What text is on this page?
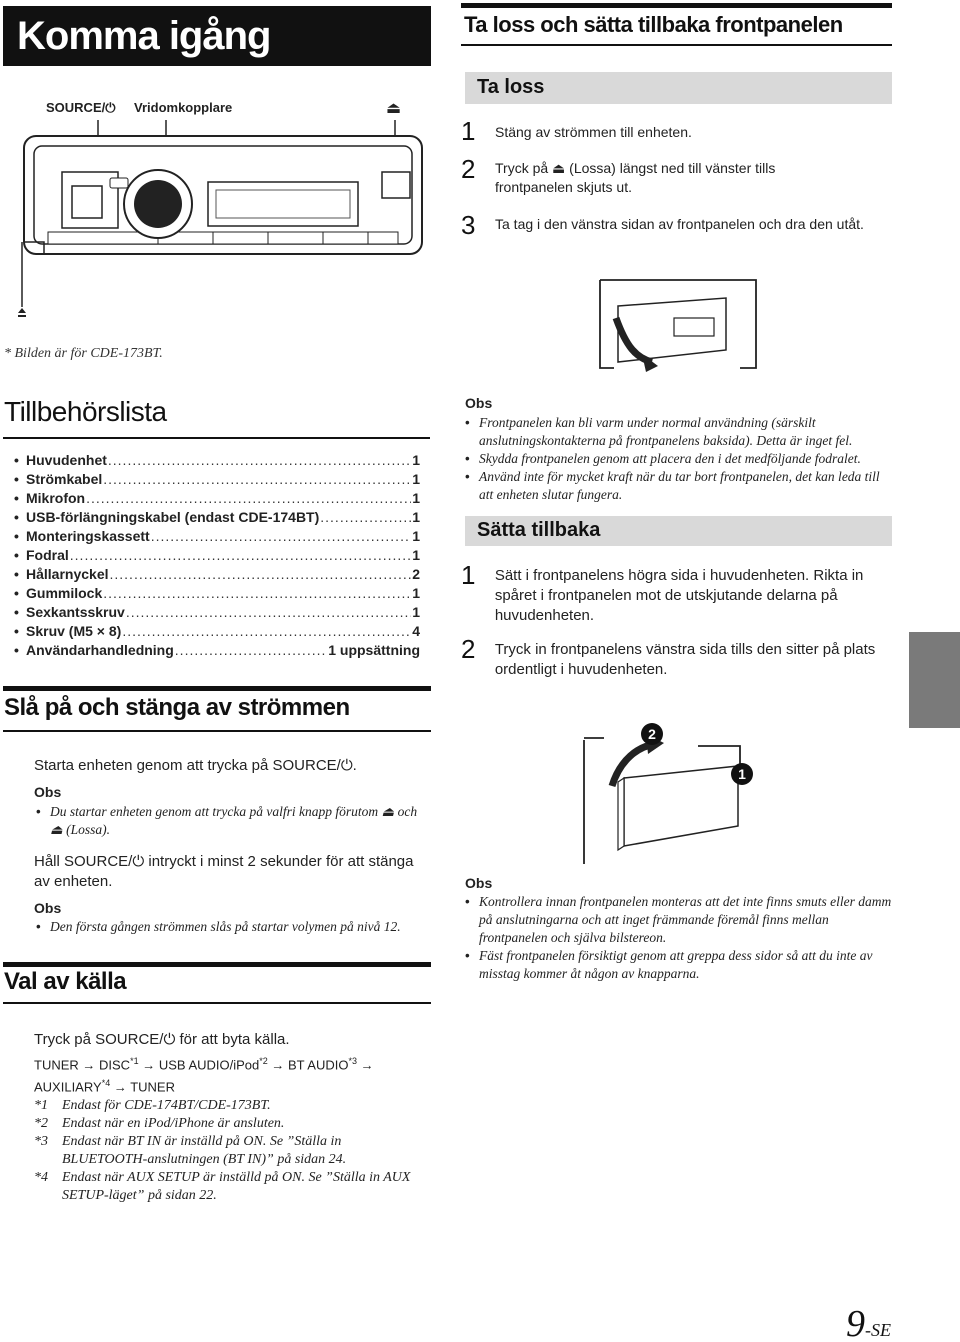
Komma igång
SOURCE/⏻ Vridomkopplare	⏏
* Bilden är för CDE-173BT.
Tillbehörslista
• Huvudenhet .....	1
• Strömkabel .....	1
• Mikrofon .....	1
• USB-förlängningskabel (endast CDE-174BT) .....	1
• Monteringskassett .....	1
• Fodral .....	1
• Hållarnyckel .....	2
• Gummilock .....	1
• Sexkantsskruv .....	1
• Skruv (M5 × 8) .....	4
• Användarhandledning .....	1 uppsättning
Slå på och stänga av strömmen
Starta enheten genom att trycka på SOURCE/⏻.
Obs
• Du startar enheten genom att trycka på valfri knapp förutom ⏏ och
⏏ (Lossa).
Håll SOURCE/⏻ intryckt i minst 2 sekunder för att stänga
av enheten.
Obs
• Den första gången strömmen slås på startar volymen på nivå 12.
Val av källa
Tryck på SOURCE/⏻ för att byta källa.
TUNER → $DISC^{*1}$ → USB AUDIO/iPod$^{*2}$ → BT $AUDIO^{*3}$ →
$AUXILIARY^{*4}$ → TUNER
*1	Endast för CDE-174BT/CDE-173BT.
*2	Endast när en iPod/iPhone är ansluten.
*3	Endast när BT IN är inställd på ON. Se ”Ställa in BLUETOOTH-anslutningen (BT IN)” på sidan 24.
*4	Endast när AUX SETUP är inställd på ON. Se ”Ställa in AUX SETUP-läget” på sidan 22.
Ta loss och sätta tillbaka frontpanelen
Ta loss
1	Stäng av strömmen till enheten.
2	Tryck på ⏏ (Lossa) längst ned till vänster tills frontpanelen skjuts ut.
3	Ta tag i den vänstra sidan av frontpanelen och dra den utåt.
Obs
• Frontpanelen kan bli varm under normal användning (särskilt anslutningskontakterna på frontpanelens baksida). Detta är inget fel.
• Skydda frontpanelen genom att placera den i det medföljande fodralet.
• Använd inte för mycket kraft när du tar bort frontpanelen, det kan leda till att enheten slutar fungera.
Sätta tillbaka
1	Sätt i frontpanelens högra sida i huvudenheten. Rikta in spåret i frontpanelen mot de utskjutande delarna på huvudenheten.
2	Tryck in frontpanelens vänstra sida tills den sitter på plats ordentligt i huvudenheten.
2
1
Obs
• Kontrollera innan frontpanelen monteras att det inte finns smuts eller damm på anslutningarna och att inget främmande föremål finns mellan frontpanelen och själva bilstereon.
• Fäst frontpanelen försiktigt genom att greppa dess sidor så att du inte av misstag kommer åt någon av knapparna.
9-SE
